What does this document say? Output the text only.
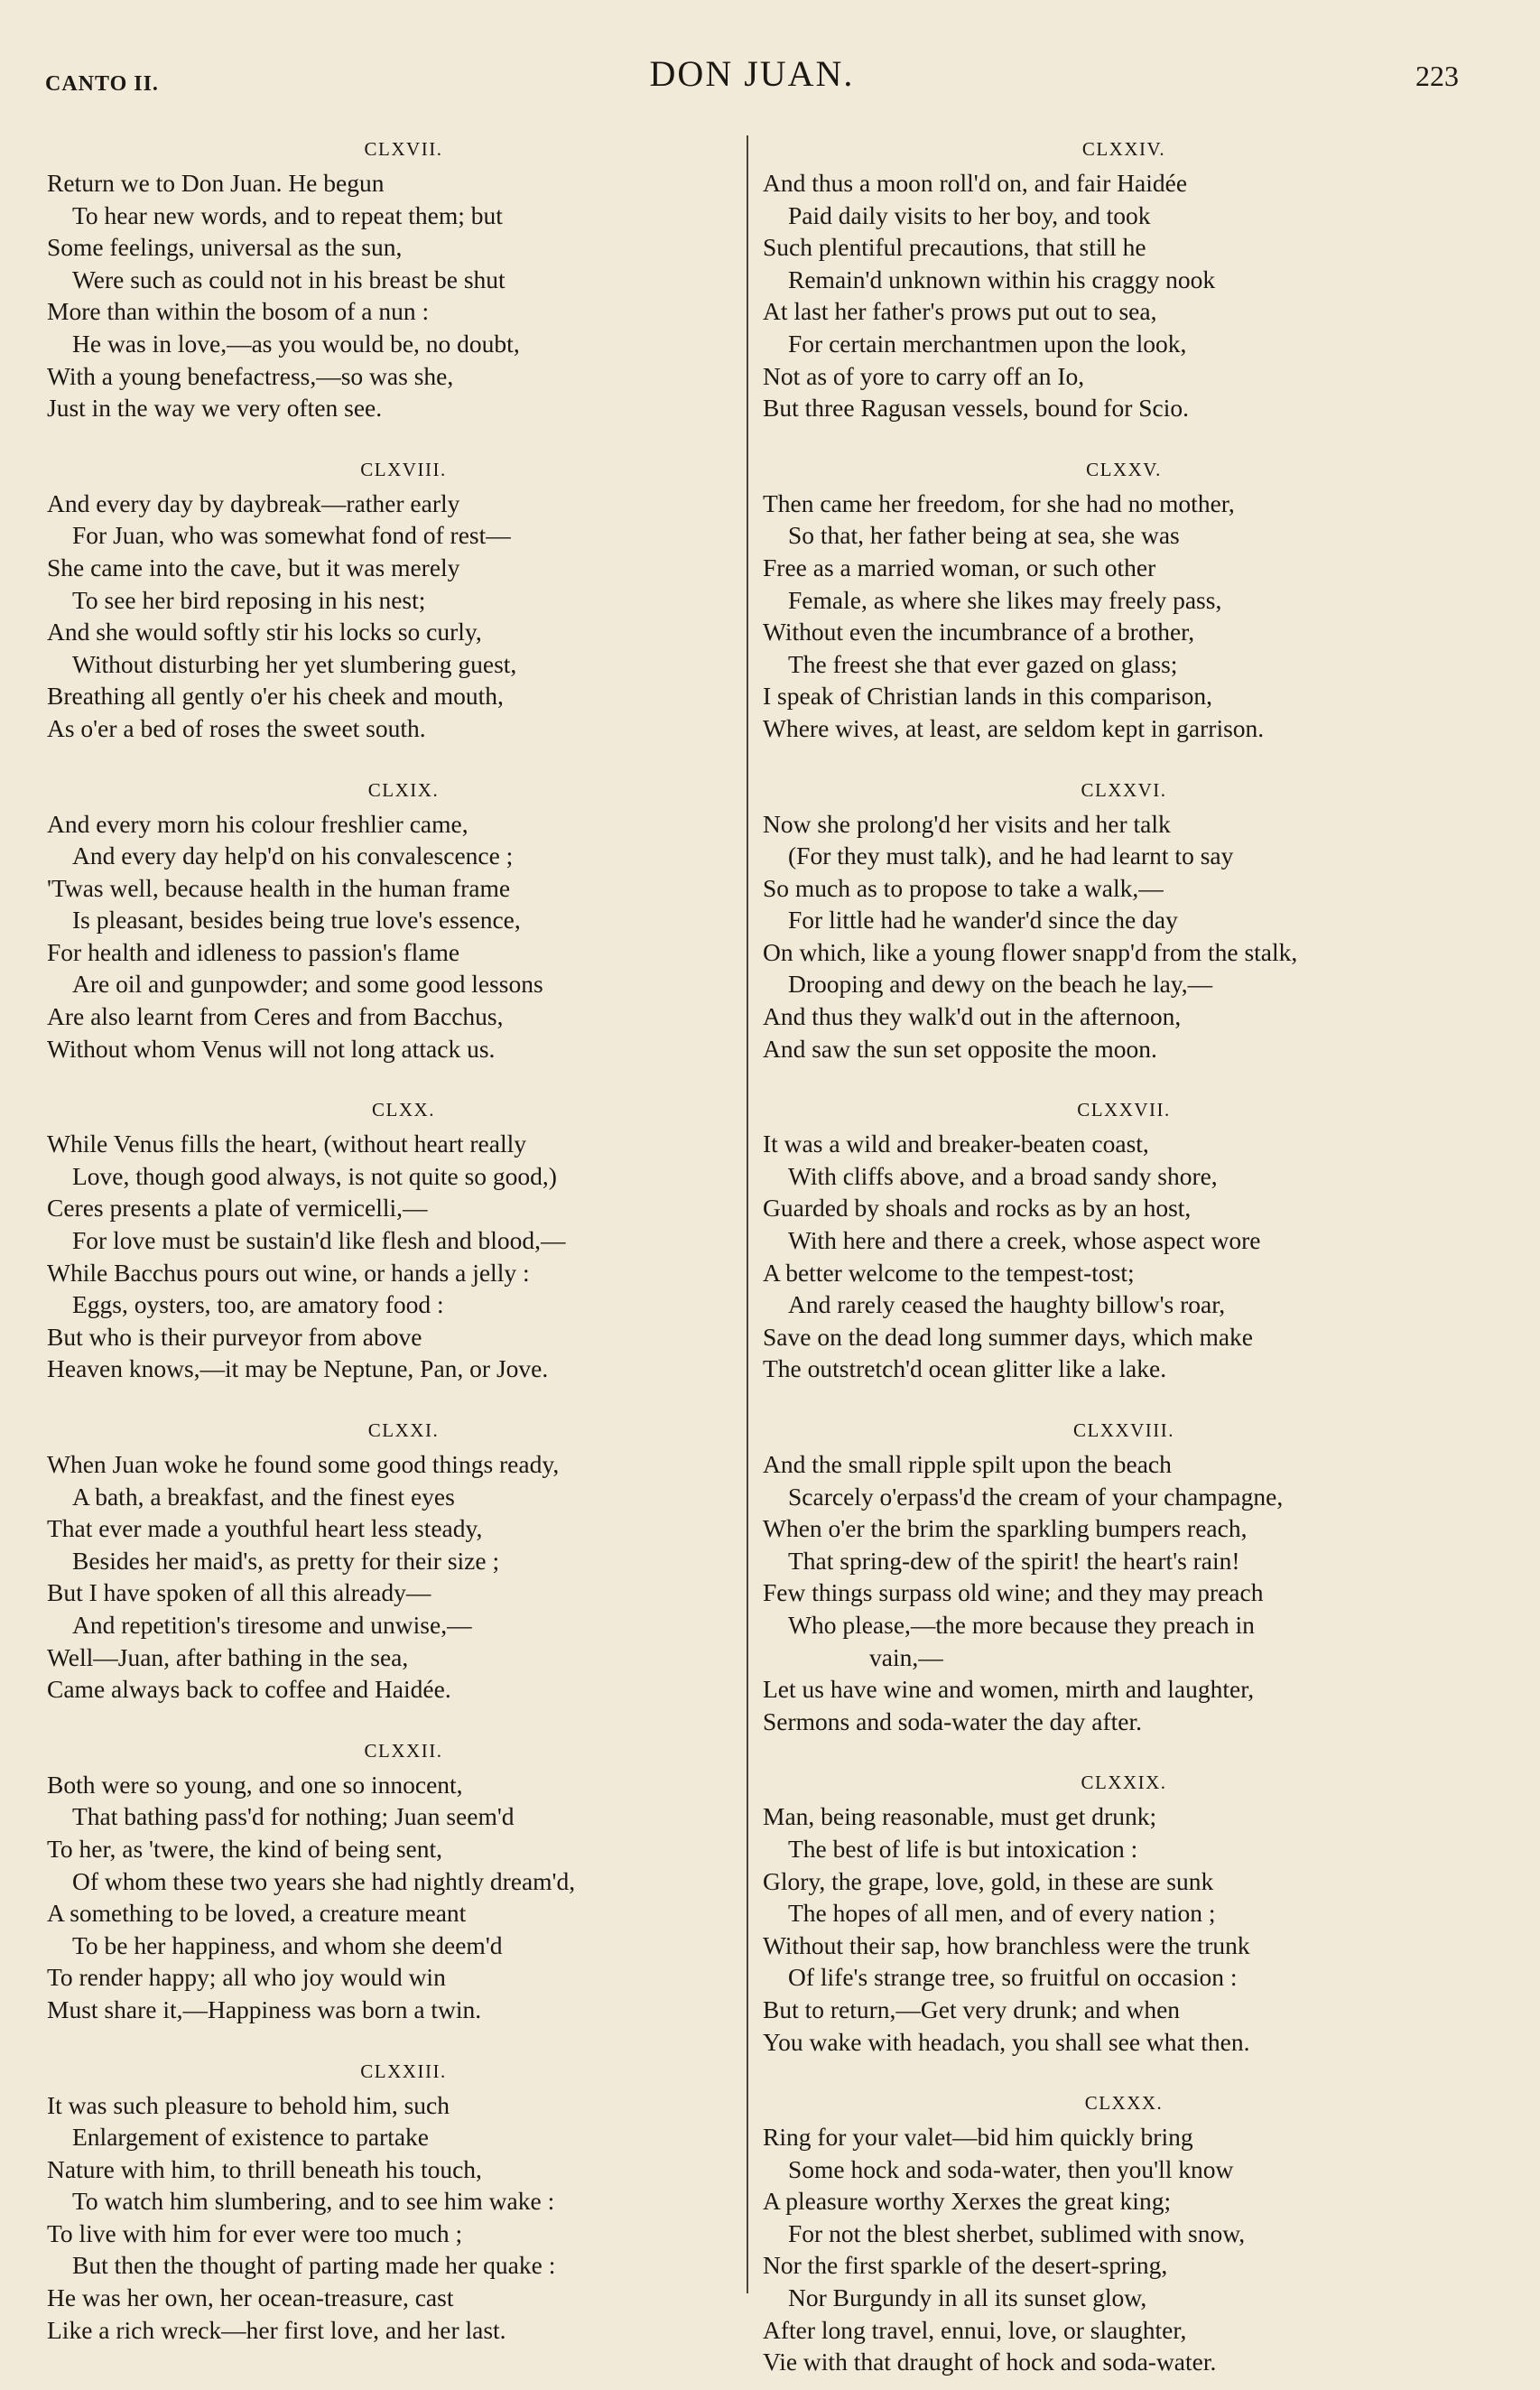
CANTO II.	DON JUAN.	223
CLXVII.
Return we to Don Juan. He begun
To hear new words, and to repeat them; but
Some feelings, universal as the sun,
Were such as could not in his breast be shut
More than within the bosom of a nun :
He was in love,—as you would be, no doubt,
With a young benefactress,—so was she,
Just in the way we very often see.
CLXVIII.
And every day by daybreak—rather early
For Juan, who was somewhat fond of rest—
She came into the cave, but it was merely
To see her bird reposing in his nest;
And she would softly stir his locks so curly,
Without disturbing her yet slumbering guest,
Breathing all gently o'er his cheek and mouth,
As o'er a bed of roses the sweet south.
CLXIX.
And every morn his colour freshlier came,
And every day help'd on his convalescence ;
'Twas well, because health in the human frame
Is pleasant, besides being true love's essence,
For health and idleness to passion's flame
Are oil and gunpowder; and some good lessons
Are also learnt from Ceres and from Bacchus,
Without whom Venus will not long attack us.
CLXX.
While Venus fills the heart, (without heart really
Love, though good always, is not quite so good,)
Ceres presents a plate of vermicelli,—
For love must be sustain'd like flesh and blood,—
While Bacchus pours out wine, or hands a jelly :
Eggs, oysters, too, are amatory food :
But who is their purveyor from above
Heaven knows,—it may be Neptune, Pan, or Jove.
CLXXI.
When Juan woke he found some good things ready,
A bath, a breakfast, and the finest eyes
That ever made a youthful heart less steady,
Besides her maid's, as pretty for their size ;
But I have spoken of all this already—
And repetition's tiresome and unwise,—
Well—Juan, after bathing in the sea,
Came always back to coffee and Haidée.
CLXXII.
Both were so young, and one so innocent,
That bathing pass'd for nothing; Juan seem'd
To her, as 'twere, the kind of being sent,
Of whom these two years she had nightly dream'd,
A something to be loved, a creature meant
To be her happiness, and whom she deem'd
To render happy; all who joy would win
Must share it,—Happiness was born a twin.
CLXXIII.
It was such pleasure to behold him, such
Enlargement of existence to partake
Nature with him, to thrill beneath his touch,
To watch him slumbering, and to see him wake :
To live with him for ever were too much ;
But then the thought of parting made her quake :
He was her own, her ocean-treasure, cast
Like a rich wreck—her first love, and her last.
CLXXIV.
And thus a moon roll'd on, and fair Haidée
Paid daily visits to her boy, and took
Such plentiful precautions, that still he
Remain'd unknown within his craggy nook
At last her father's prows put out to sea,
For certain merchantmen upon the look,
Not as of yore to carry off an Io,
But three Ragusan vessels, bound for Scio.
CLXXV.
Then came her freedom, for she had no mother,
So that, her father being at sea, she was
Free as a married woman, or such other
Female, as where she likes may freely pass,
Without even the incumbrance of a brother,
The freest she that ever gazed on glass;
I speak of Christian lands in this comparison,
Where wives, at least, are seldom kept in garrison.
CLXXVI.
Now she prolong'd her visits and her talk
(For they must talk), and he had learnt to say
So much as to propose to take a walk,—
For little had he wander'd since the day
On which, like a young flower snapp'd from the stalk,
Drooping and dewy on the beach he lay,—
And thus they walk'd out in the afternoon,
And saw the sun set opposite the moon.
CLXXVII.
It was a wild and breaker-beaten coast,
With cliffs above, and a broad sandy shore,
Guarded by shoals and rocks as by an host,
With here and there a creek, whose aspect wore
A better welcome to the tempest-tost;
And rarely ceased the haughty billow's roar,
Save on the dead long summer days, which make
The outstretch'd ocean glitter like a lake.
CLXXVIII.
And the small ripple spilt upon the beach
Scarcely o'erpass'd the cream of your champagne,
When o'er the brim the sparkling bumpers reach,
That spring-dew of the spirit! the heart's rain!
Few things surpass old wine; and they may preach
Who please,—the more because they preach in
vain,—
Let us have wine and women, mirth and laughter,
Sermons and soda-water the day after.
CLXXIX.
Man, being reasonable, must get drunk;
The best of life is but intoxication :
Glory, the grape, love, gold, in these are sunk
The hopes of all men, and of every nation ;
Without their sap, how branchless were the trunk
Of life's strange tree, so fruitful on occasion :
But to return,—Get very drunk; and when
You wake with headach, you shall see what then.
CLXXX.
Ring for your valet—bid him quickly bring
Some hock and soda-water, then you'll know
A pleasure worthy Xerxes the great king;
For not the blest sherbet, sublimed with snow,
Nor the first sparkle of the desert-spring,
Nor Burgundy in all its sunset glow,
After long travel, ennui, love, or slaughter,
Vie with that draught of hock and soda-water.
